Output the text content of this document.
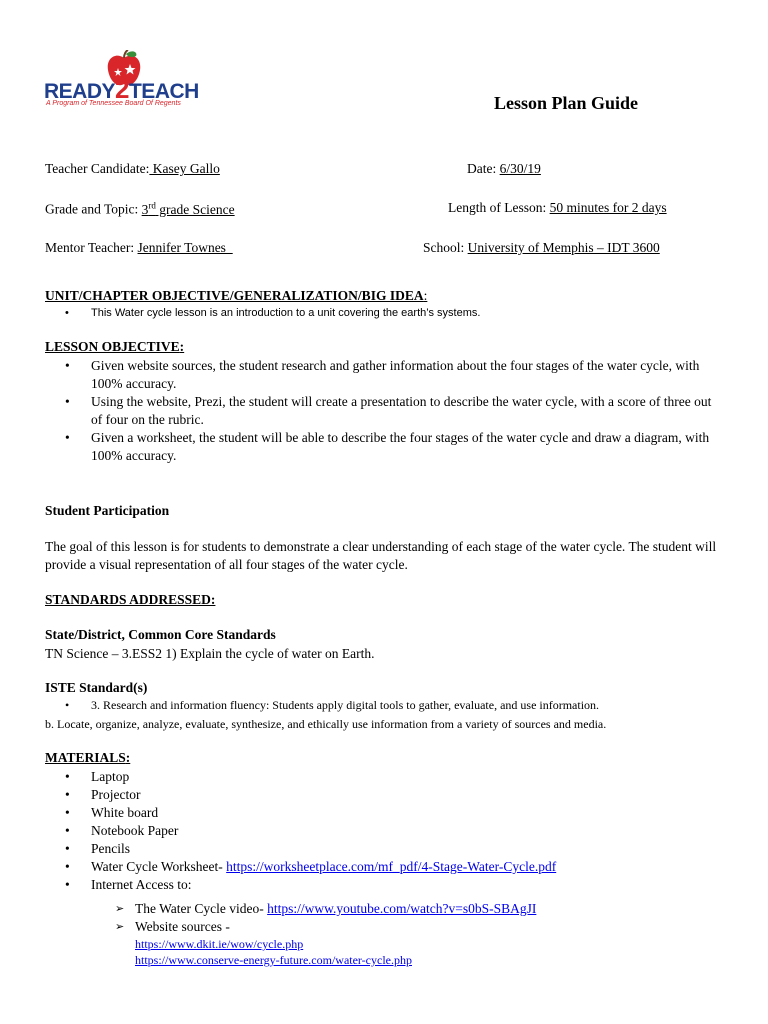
READY2TEACH
A Program of Tennessee Board Of Regents	Lesson Plan Guide
Teacher Candidate: Kasey Gallo	Date: 6/30/19
Grade and Topic: 3rd grade Science	Length of Lesson: 50 minutes for 2 days
Mentor Teacher: Jennifer Townes	School: University of Memphis – IDT 3600
UNIT/CHAPTER OBJECTIVE/GENERALIZATION/BIG IDEA:
• This Water cycle lesson is an introduction to a unit covering the earth’s systems.
LESSON OBJECTIVE:
• Given website sources, the student research and gather information about the four stages of the water cycle, with 100% accuracy.
• Using the website, Prezi, the student will create a presentation to describe the water cycle, with a score of three out of four on the rubric.
• Given a worksheet, the student will be able to describe the four stages of the water cycle and draw a diagram, with 100% accuracy.
Student Participation
The goal of this lesson is for students to demonstrate a clear understanding of each stage of the water cycle. The student will provide a visual representation of all four stages of the water cycle.
STANDARDS ADDRESSED:
State/District, Common Core Standards
TN Science – 3.ESS2 1) Explain the cycle of water on Earth.
ISTE Standard(s)
• 3. Research and information fluency: Students apply digital tools to gather, evaluate, and use information.
b. Locate, organize, analyze, evaluate, synthesize, and ethically use information from a variety of sources and media.
MATERIALS:
• Laptop
• Projector
• White board
• Notebook Paper
• Pencils
• Water Cycle Worksheet- https://worksheetplace.com/mf_pdf/4-Stage-Water-Cycle.pdf
• Internet Access to:
➢ The Water Cycle video- https://www.youtube.com/watch?v=s0bS-SBAgJI
➢ Website sources -
https://www.dkit.ie/wow/cycle.php
https://www.conserve-energy-future.com/water-cycle.php
